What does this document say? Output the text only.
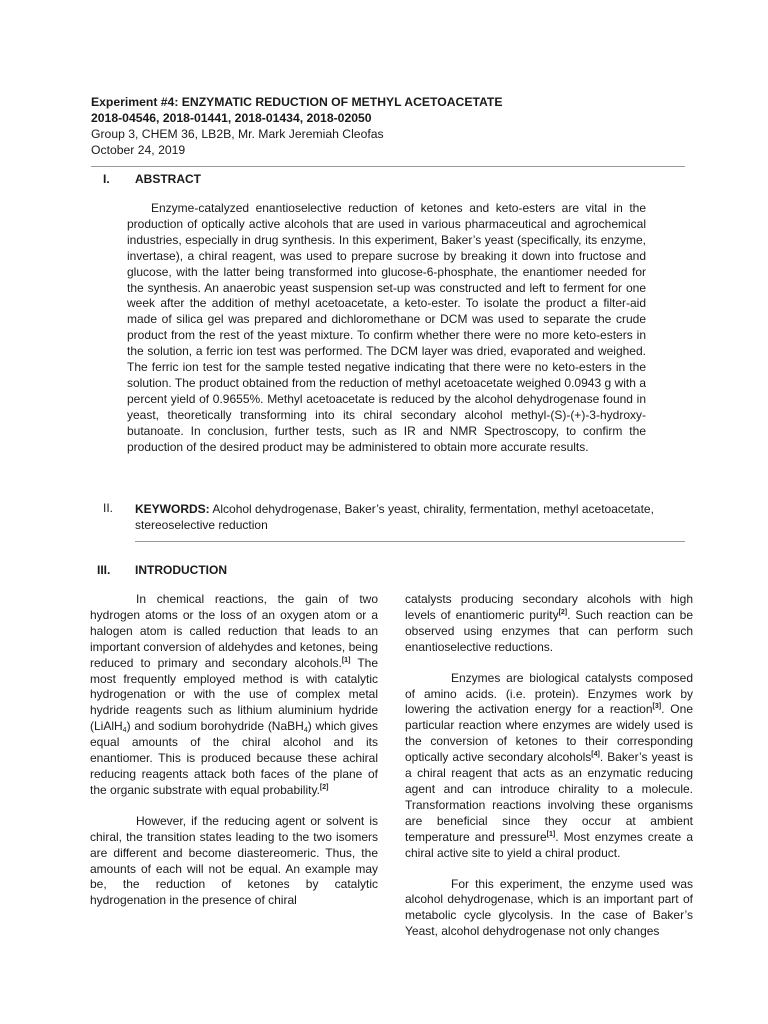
Experiment #4: ENZYMATIC REDUCTION OF METHYL ACETOACETATE
2018-04546, 2018-01441, 2018-01434, 2018-02050
Group 3, CHEM 36, LB2B, Mr. Mark Jeremiah Cleofas
October 24, 2019
I. ABSTRACT

Enzyme-catalyzed enantioselective reduction of ketones and keto-esters are vital in the production of optically active alcohols that are used in various pharmaceutical and agrochemical industries, especially in drug synthesis. In this experiment, Baker’s yeast (specifically, its enzyme, invertase), a chiral reagent, was used to prepare sucrose by breaking it down into fructose and glucose, with the latter being transformed into glucose-6-phosphate, the enantiomer needed for the synthesis. An anaerobic yeast suspension set-up was constructed and left to ferment for one week after the addition of methyl acetoacetate, a keto-ester. To isolate the product a filter-aid made of silica gel was prepared and dichloromethane or DCM was used to separate the crude product from the rest of the yeast mixture. To confirm whether there were no more keto-esters in the solution, a ferric ion test was performed. The DCM layer was dried, evaporated and weighed. The ferric ion test for the sample tested negative indicating that there were no keto-esters in the solution. The product obtained from the reduction of methyl acetoacetate weighed 0.0943 g with a percent yield of 0.9655%. Methyl acetoacetate is reduced by the alcohol dehydrogenase found in yeast, theoretically transforming into its chiral secondary alcohol methyl-(S)-(+)-3-hydroxy- butanoate. In conclusion, further tests, such as IR and NMR Spectroscopy, to confirm the production of the desired product may be administered to obtain more accurate results.

II. KEYWORDS: Alcohol dehydrogenase, Baker’s yeast, chirality, fermentation, methyl acetoacetate, stereoselective reduction
III. INTRODUCTION

In chemical reactions, the gain of two hydrogen atoms or the loss of an oxygen atom or a halogen atom is called reduction that leads to an important conversion of aldehydes and ketones, being reduced to primary and secondary alcohols.[1] The most frequently employed method is with catalytic hydrogenation or with the use of complex metal hydride reagents such as lithium aluminium hydride (LiAlH$_4$) and sodium borohydride (NaBH$_4$) which gives equal amounts of the chiral alcohol and its enantiomer. This is produced because these achiral reducing reagents attack both faces of the plane of the organic substrate with equal probability.[2]

However, if the reducing agent or solvent is chiral, the transition states leading to the two isomers are different and become diastereomeric. Thus, the amounts of each will not be equal. An example may be, the reduction of ketones by catalytic hydrogenation in the presence of chiral

catalysts producing secondary alcohols with high levels of enantiomeric purity[2]. Such reaction can be observed using enzymes that can perform such enantioselective reductions.

Enzymes are biological catalysts composed of amino acids. (i.e. protein). Enzymes work by lowering the activation energy for a reaction[3]. One particular reaction where enzymes are widely used is the conversion of ketones to their corresponding optically active secondary alcohols[4]. Baker’s yeast is a chiral reagent that acts as an enzymatic reducing agent and can introduce chirality to a molecule. Transformation reactions involving these organisms are beneficial since they occur at ambient temperature and pressure[1]. Most enzymes create a chiral active site to yield a chiral product.

For this experiment, the enzyme used was alcohol dehydrogenase, which is an important part of metabolic cycle glycolysis. In the case of Baker’s Yeast, alcohol dehydrogenase not only changes
